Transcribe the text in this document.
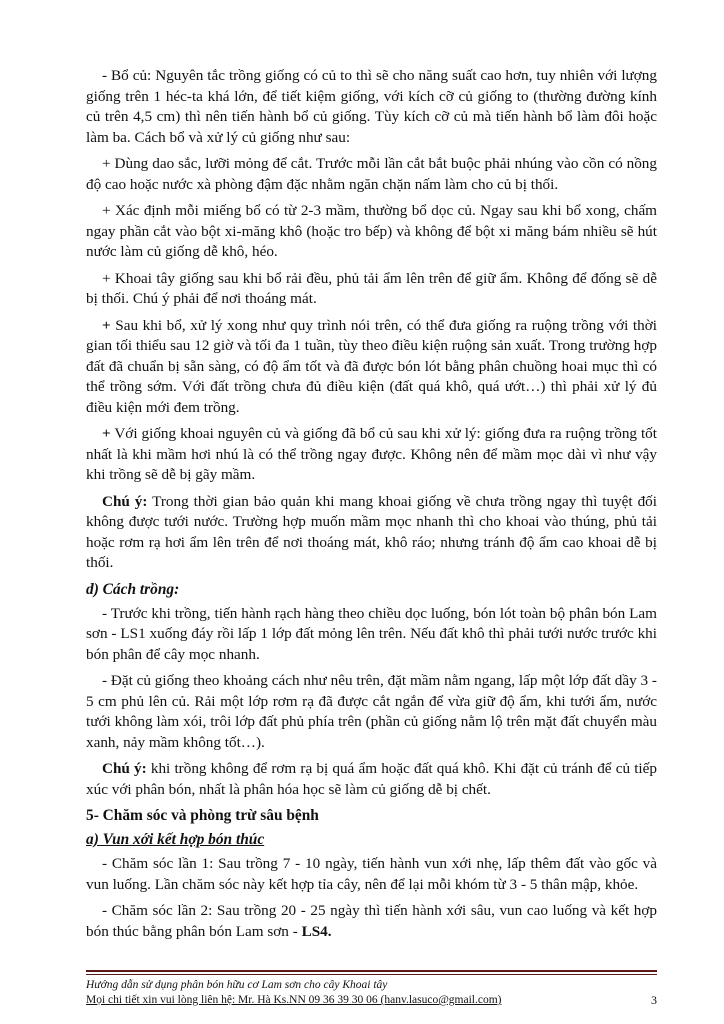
- Bổ củ: Nguyên tắc trồng giống có củ to thì sẽ cho năng suất cao hơn, tuy nhiên với lượng giống trên 1 héc-ta khá lớn, để tiết kiệm giống, với kích cỡ củ giống to (thường đường kính củ trên 4,5 cm) thì nên tiến hành bổ củ giống. Tùy kích cỡ củ mà tiến hành bổ làm đôi hoặc làm ba. Cách bổ và xử lý củ giống như sau:

+ Dùng dao sắc, lưỡi mỏng để cắt. Trước mỗi lần cắt bắt buộc phải nhúng vào cồn có nồng độ cao hoặc nước xà phòng đậm đặc nhằm ngăn chặn nấm làm cho củ bị thối.

+ Xác định mỗi miếng bổ có từ 2-3 mầm, thường bổ dọc củ. Ngay sau khi bổ xong, chấm ngay phần cắt vào bột xi-măng khô (hoặc tro bếp) và không để bột xi măng bám nhiều sẽ hút nước làm củ giống dễ khô, héo.

+ Khoai tây giống sau khi bổ rải đều, phủ tải ẩm lên trên để giữ ẩm. Không để đống sẽ dễ bị thối. Chú ý phải để nơi thoáng mát.

+ Sau khi bổ, xử lý xong như quy trình nói trên, có thể đưa giống ra ruộng trồng với thời gian tối thiểu sau 12 giờ và tối đa 1 tuần, tùy theo điều kiện ruộng sản xuất. Trong trường hợp đất đã chuẩn bị sẵn sàng, có độ ẩm tốt và đã được bón lót bằng phân chuồng hoai mục thì có thể trồng sớm. Với đất trồng chưa đủ điều kiện (đất quá khô, quá ướt…) thì phải xử lý đủ điều kiện mới đem trồng.

+ Với giống khoai nguyên củ và giống đã bổ củ sau khi xử lý: giống đưa ra ruộng trồng tốt nhất là khi mầm hơi nhú là có thể trồng ngay được. Không nên để mầm mọc dài vì như vậy khi trồng sẽ dễ bị gãy mầm.

Chú ý: Trong thời gian bảo quản khi mang khoai giống về chưa trồng ngay thì tuyệt đối không được tưới nước. Trường hợp muốn mầm mọc nhanh thì cho khoai vào thúng, phủ tải hoặc rơm rạ hơi ẩm lên trên để nơi thoáng mát, khô ráo; nhưng tránh độ ẩm cao khoai dễ bị thối.

d) Cách trồng:

- Trước khi trồng, tiến hành rạch hàng theo chiều dọc luống, bón lót toàn bộ phân bón Lam sơn - LS1 xuống đáy rồi lấp 1 lớp đất mỏng lên trên. Nếu đất khô thì phải tưới nước trước khi bón phân để cây mọc nhanh.

- Đặt củ giống theo khoảng cách như nêu trên, đặt mầm nằm ngang, lấp một lớp đất dầy 3 - 5 cm phủ lên củ. Rải một lớp rơm rạ đã được cắt ngắn để vừa giữ độ ẩm, khi tưới ẩm, nước tưới không làm xói, trôi lớp đất phủ phía trên (phần củ giống nằm lộ trên mặt đất chuyển màu xanh, nảy mầm không tốt…).

Chú ý: khi trồng không để rơm rạ bị quá ẩm hoặc đất quá khô. Khi đặt củ tránh để củ tiếp xúc với phân bón, nhất là phân hóa học sẽ làm củ giống dễ bị chết.

5- Chăm sóc và phòng trừ sâu bệnh
a) Vun xới kết hợp bón thúc

- Chăm sóc lần 1: Sau trồng 7 - 10 ngày, tiến hành vun xới nhẹ, lấp thêm đất vào gốc và vun luống. Lần chăm sóc này kết hợp tỉa cây, nên để lại mỗi khóm từ 3 - 5 thân mập, khỏe.

- Chăm sóc lần 2: Sau trồng 20 - 25 ngày thì tiến hành xới sâu, vun cao luống và kết hợp bón thúc bằng phân bón Lam sơn - LS4.

Hướng dẫn sử dụng phân bón hữu cơ Lam sơn cho cây Khoai tây
Mọi chi tiết xin vui lòng liên hệ: Mr. Hà Ks.NN 09 36 39 30 06 (hanv.lasuco@gmail.com)	3
